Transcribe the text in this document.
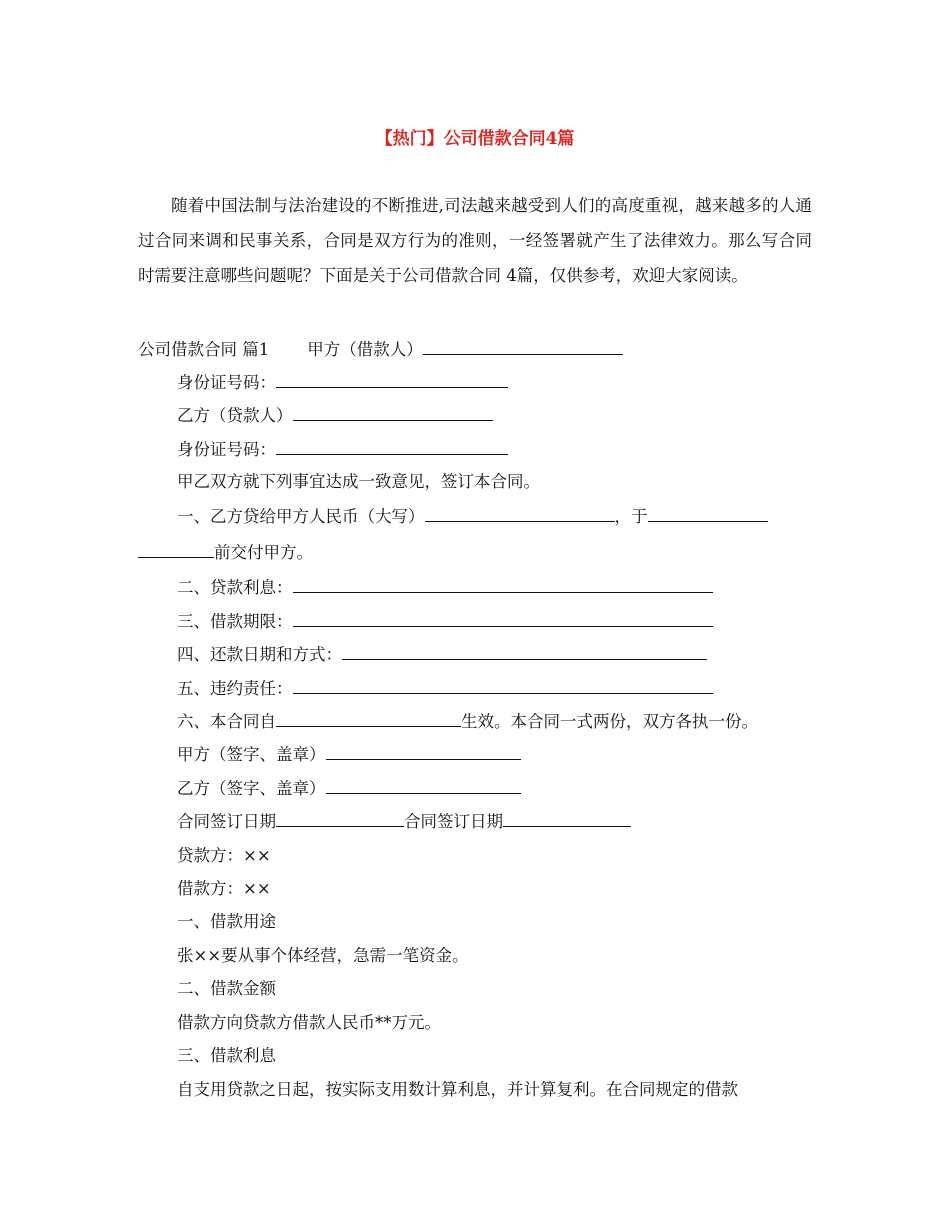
【热门】公司借款合同4篇

随着中国法制与法治建设的不断推进,司法越来越受到人们的高度重视，越来越多的人通过合同来调和民事关系，合同是双方行为的准则，一经签署就产生了法律效力。那么写合同时需要注意哪些问题呢？下面是关于公司借款合同 4篇，仅供参考，欢迎大家阅读。

公司借款合同 篇1 甲方（借款人）
身份证号码：
乙方（贷款人）
身份证号码：
甲乙双方就下列事宜达成一致意见，签订本合同。
一、乙方贷给甲方人民币（大写）	，于
前交付甲方。
二、贷款利息：
三、借款期限：
四、还款日期和方式：
五、违约责任：
六、本合同自	生效。本合同一式两份，双方各执一份。
甲方（签字、盖章）
乙方（签字、盖章）
合同签订日期	合同签订日期
贷款方：××
借款方：××
一、借款用途
张××要从事个体经营，急需一笔资金。
二、借款金额
借款方向贷款方借款人民币**万元。
三、借款利息
自支用贷款之日起，按实际支用数计算利息，并计算复利。在合同规定的借款
